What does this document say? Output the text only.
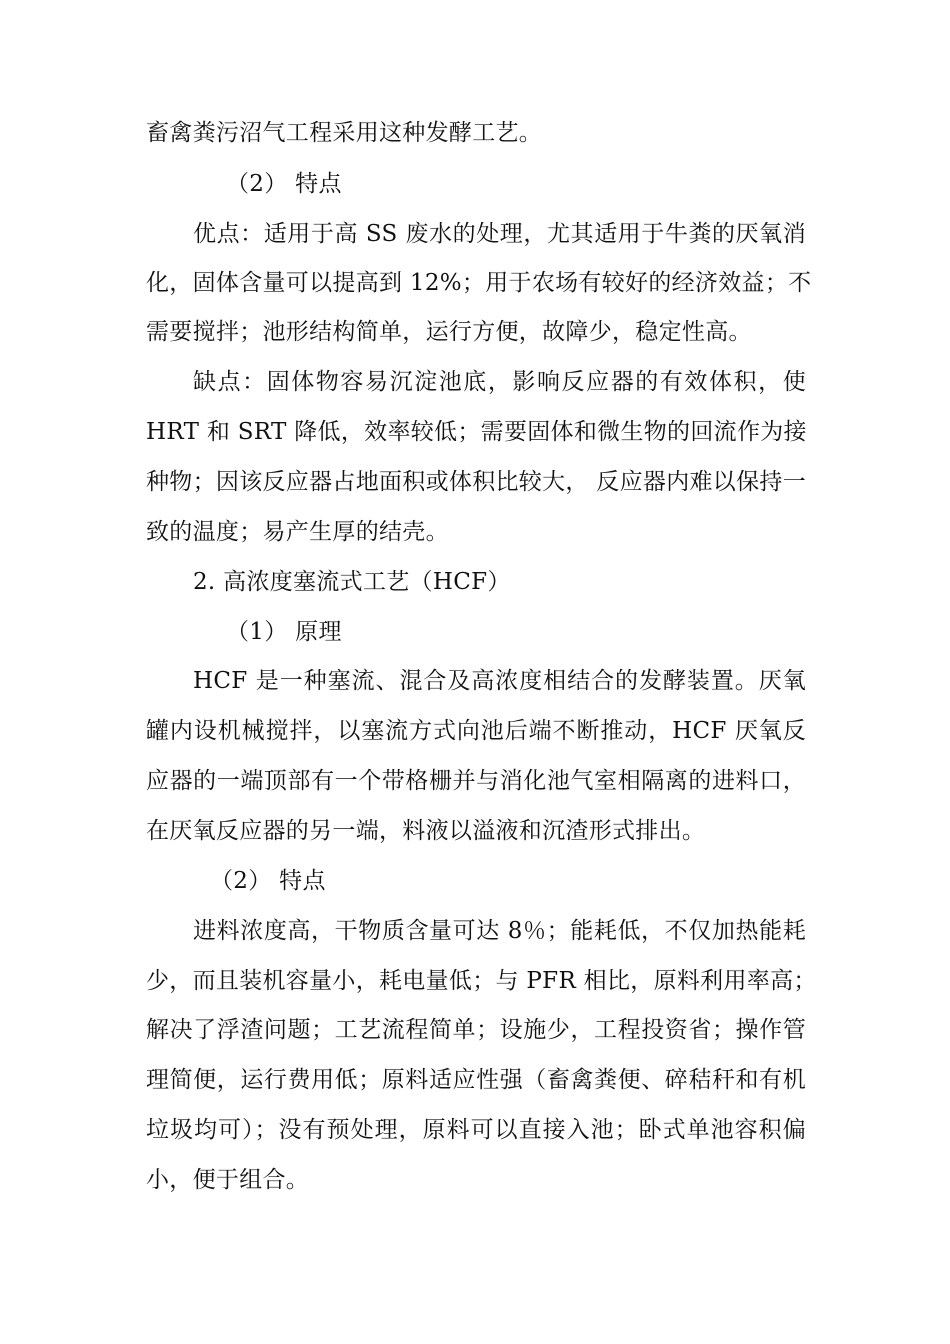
畜禽粪污沼气工程采用这种发酵工艺。
（2） 特点
优点：适用于高 SS 废水的处理，尤其适用于牛粪的厌氧消
化，固体含量可以提高到 12%；用于农场有较好的经济效益；不
需要搅拌；池形结构简单，运行方便，故障少，稳定性高。
缺点：固体物容易沉淀池底，影响反应器的有效体积，使
HRT 和 SRT 降低，效率较低；需要固体和微生物的回流作为接
种物；因该反应器占地面积或体积比较大， 反应器内难以保持一
致的温度；易产生厚的结壳。
2. 高浓度塞流式工艺（HCF）
（1） 原理
HCF 是一种塞流、混合及高浓度相结合的发酵装置。厌氧
罐内设机械搅拌，以塞流方式向池后端不断推动，HCF 厌氧反
应器的一端顶部有一个带格栅并与消化池气室相隔离的进料口，
在厌氧反应器的另一端，料液以溢液和沉渣形式排出。
（2） 特点
进料浓度高，干物质含量可达 8％；能耗低，不仅加热能耗
少，而且装机容量小，耗电量低；与 PFR 相比，原料利用率高；
解决了浮渣问题；工艺流程简单；设施少，工程投资省；操作管
理简便，运行费用低；原料适应性强（畜禽粪便、碎秸秆和有机
垃圾均可）；没有预处理，原料可以直接入池；卧式单池容积偏
小，便于组合。
